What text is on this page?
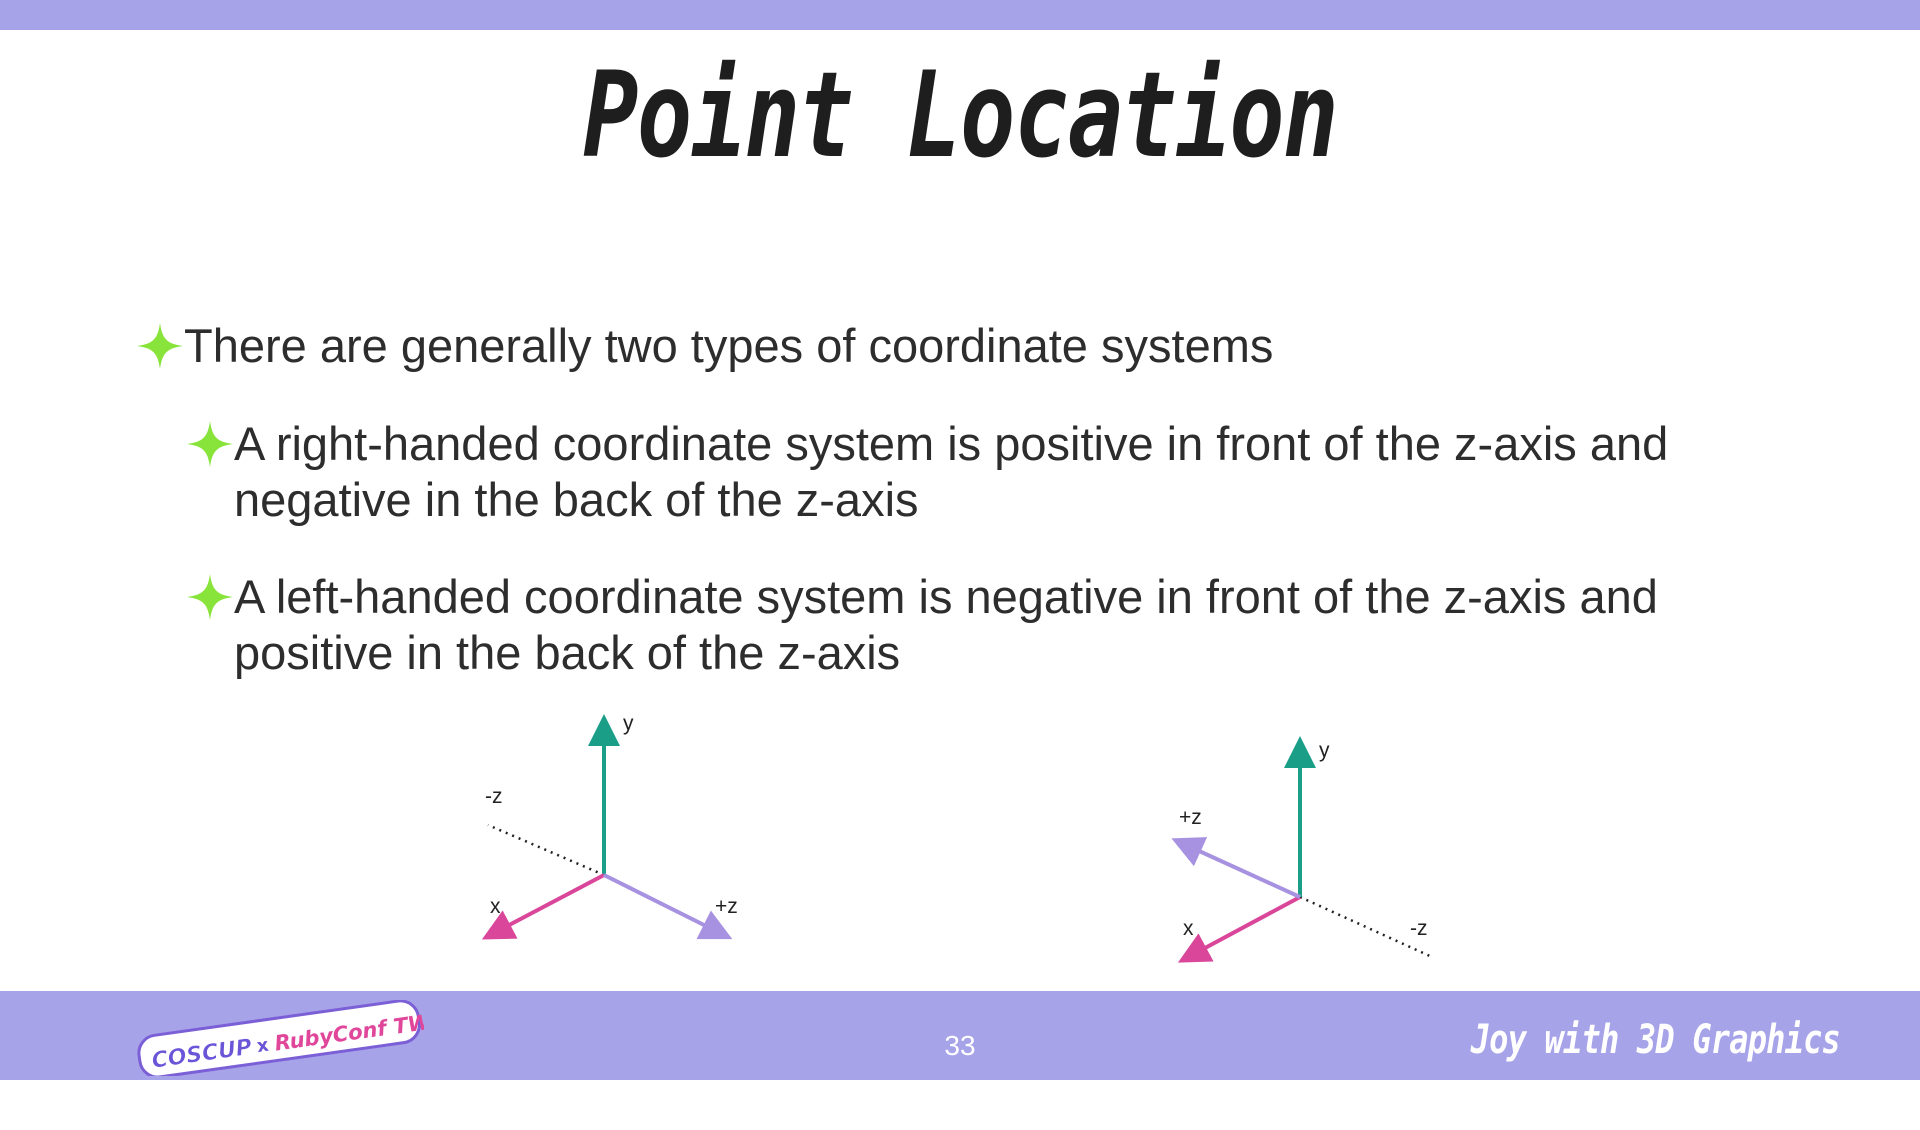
Point Location
There are generally two types of coordinate systems
A right-handed coordinate system is positive in front of the z-axis and
negative in the back of the z-axis
A left-handed coordinate system is negative in front of the z-axis and
positive in the back of the z-axis
y
-z
x	+z
y
+z
x	-z
COSCUP x RubyConf TW	33	Joy with 3D Graphics Using Ruby
